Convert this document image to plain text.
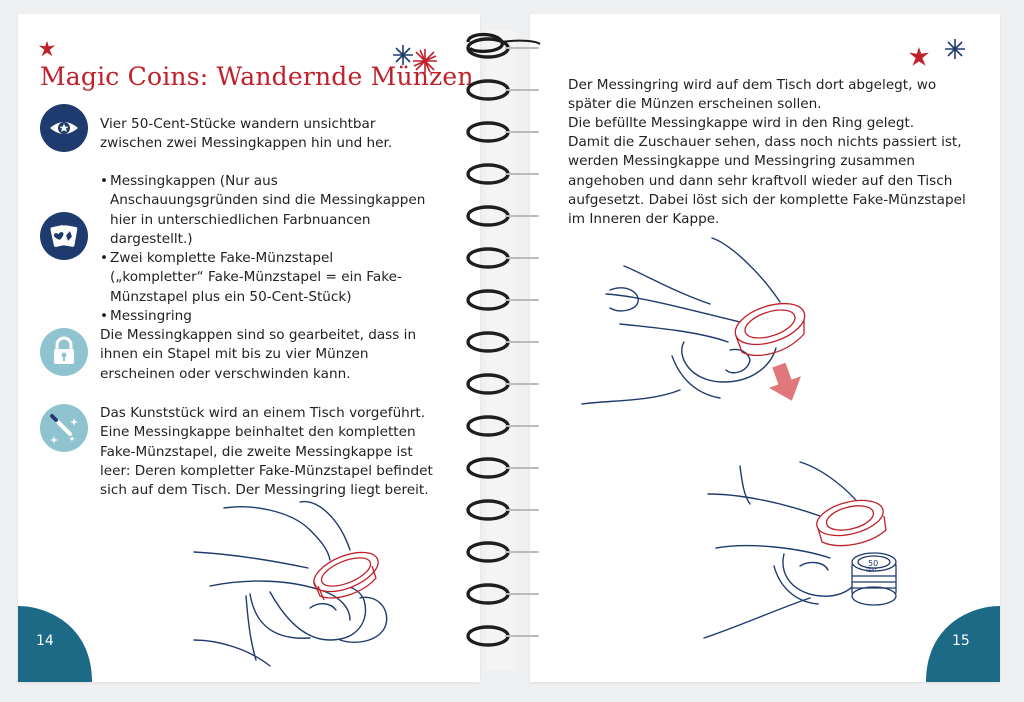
Magic Coins: Wandernde Münzen

Vier 50-Cent-Stücke wandern unsichtbar zwischen zwei Messingkappen hin und her.

• Messingkappen (Nur aus Anschauungsgründen sind die Messingkappen hier in unterschiedlichen Farbnuancen dargestellt.)
• Zwei komplette Fake-Münzstapel („kompletter“ Fake-Münzstapel = ein Fake-Münzstapel plus ein 50-Cent-Stück)
• Messingring

Die Messingkappen sind so gearbeitet, dass in ihnen ein Stapel mit bis zu vier Münzen erscheinen oder verschwinden kann.

Das Kunststück wird an einem Tisch vorgeführt. Eine Messingkappe beinhaltet den kompletten Fake-Münzstapel, die zweite Messingkappe ist leer: Deren kompletter Fake-Münzstapel befindet sich auf dem Tisch. Der Messingring liegt bereit.

14

Der Messingring wird auf dem Tisch dort abgelegt, wo später die Münzen erscheinen sollen.

Die befüllte Messingkappe wird in den Ring gelegt.

Damit die Zuschauer sehen, dass noch nichts passiert ist, werden Messingkappe und Messingring zusammen angehoben und dann sehr kraftvoll wieder auf den Tisch aufgesetzt. Dabei löst sich der komplette Fake-Münzstapel im Inneren der Kappe.

50
CENT
15
